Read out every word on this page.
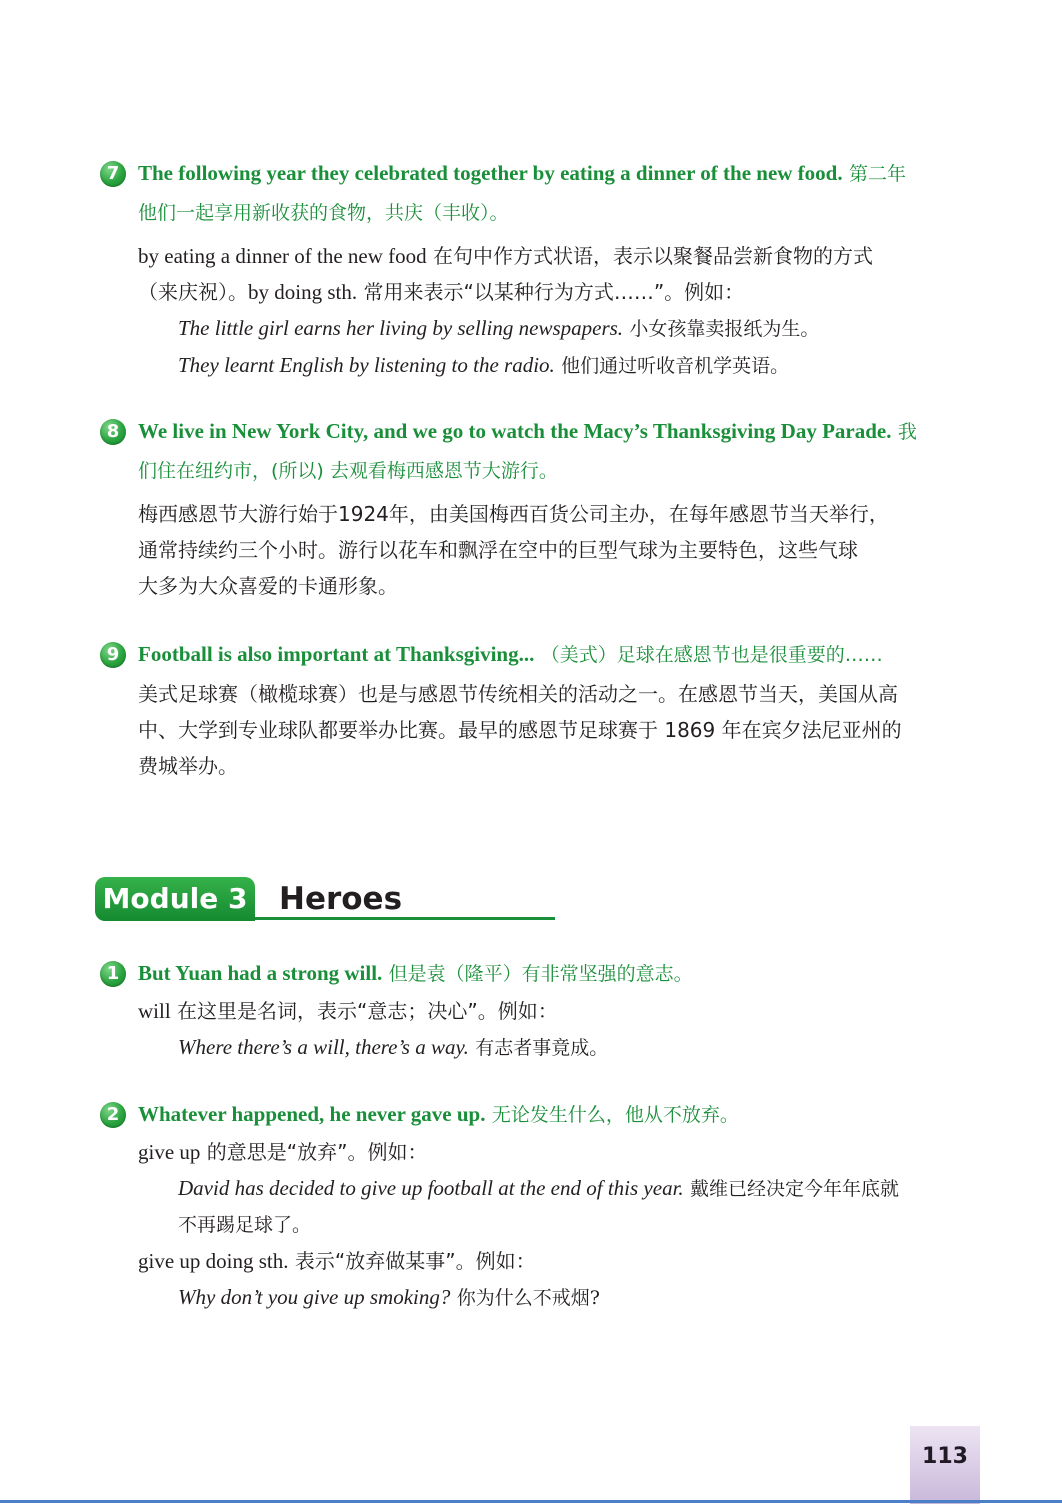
7 The following year they celebrated together by eating a dinner of the new food. 第二年
他们一起享用新收获的食物，共庆（丰收）。
by eating a dinner of the new food 在句中作方式状语，表示以聚餐品尝新食物的方式
（来庆祝）。by doing sth. 常用来表示“以某种行为方式……”。例如：
The little girl earns her living by selling newspapers. 小女孩靠卖报纸为生。
They learnt English by listening to the radio. 他们通过听收音机学英语。
8 We live in New York City, and we go to watch the Macy’s Thanksgiving Day Parade. 我
们住在纽约市，(所以) 去观看梅西感恩节大游行。
梅西感恩节大游行始于1924年，由美国梅西百货公司主办，在每年感恩节当天举行，
通常持续约三个小时。游行以花车和飘浮在空中的巨型气球为主要特色，这些气球
大多为大众喜爱的卡通形象。
9 Football is also important at Thanksgiving... （美式）足球在感恩节也是很重要的……
美式足球赛（橄榄球赛）也是与感恩节传统相关的活动之一。在感恩节当天，美国从高
中、大学到专业球队都要举办比赛。最早的感恩节足球赛于 1869 年在宾夕法尼亚州的
费城举办。
Module 3 Heroes
1 But Yuan had a strong will. 但是袁（隆平）有非常坚强的意志。
will 在这里是名词，表示“意志；决心”。例如：
Where there’s a will, there’s a way. 有志者事竟成。
2 Whatever happened, he never gave up. 无论发生什么，他从不放弃。
give up 的意思是“放弃”。例如：
David has decided to give up football at the end of this year. 戴维已经决定今年年底就
不再踢足球了。
give up doing sth. 表示“放弃做某事”。例如：
Why don’t you give up smoking? 你为什么不戒烟?
113
